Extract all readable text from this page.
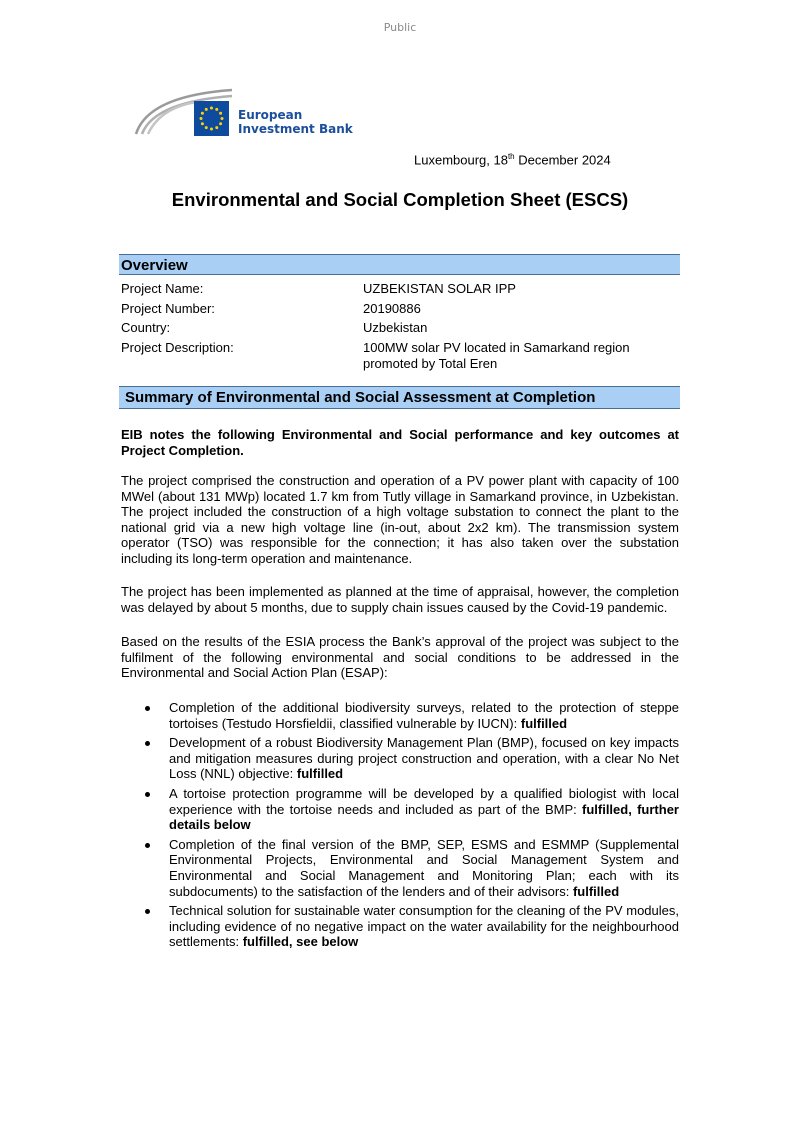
Public
European
Investment Bank
Luxembourg, 18th December 2024
Environmental and Social Completion Sheet (ESCS)
Overview
Project Name:	UZBEKISTAN SOLAR IPP
Project Number:	20190886
Country:	Uzbekistan
Project Description:	100MW solar PV located in Samarkand region promoted by Total Eren
Summary of Environmental and Social Assessment at Completion

EIB notes the following Environmental and Social performance and key outcomes at Project Completion.

The project comprised the construction and operation of a PV power plant with capacity of 100 MWel (about 131 MWp) located 1.7 km from Tutly village in Samarkand province, in Uzbekistan. The project included the construction of a high voltage substation to connect the plant to the national grid via a new high voltage line (in-out, about 2x2 km). The transmission system operator (TSO) was responsible for the connection; it has also taken over the substation including its long-term operation and maintenance.

The project has been implemented as planned at the time of appraisal, however, the completion was delayed by about 5 months, due to supply chain issues caused by the Covid-19 pandemic.

Based on the results of the ESIA process the Bank’s approval of the project was subject to the fulfilment of the following environmental and social conditions to be addressed in the Environmental and Social Action Plan (ESAP):

Completion of the additional biodiversity surveys, related to the protection of steppe tortoises (Testudo Horsfieldii, classified vulnerable by IUCN): fulfilled
Development of a robust Biodiversity Management Plan (BMP), focused on key impacts and mitigation measures during project construction and operation, with a clear No Net Loss (NNL) objective: fulfilled
A tortoise protection programme will be developed by a qualified biologist with local experience with the tortoise needs and included as part of the BMP: fulfilled, further details below
Completion of the final version of the BMP, SEP, ESMS and ESMMP (Supplemental Environmental Projects, Environmental and Social Management System and Environmental and Social Management and Monitoring Plan; each with its subdocuments) to the satisfaction of the lenders and of their advisors: fulfilled
Technical solution for sustainable water consumption for the cleaning of the PV modules, including evidence of no negative impact on the water availability for the neighbourhood settlements: fulfilled, see below
